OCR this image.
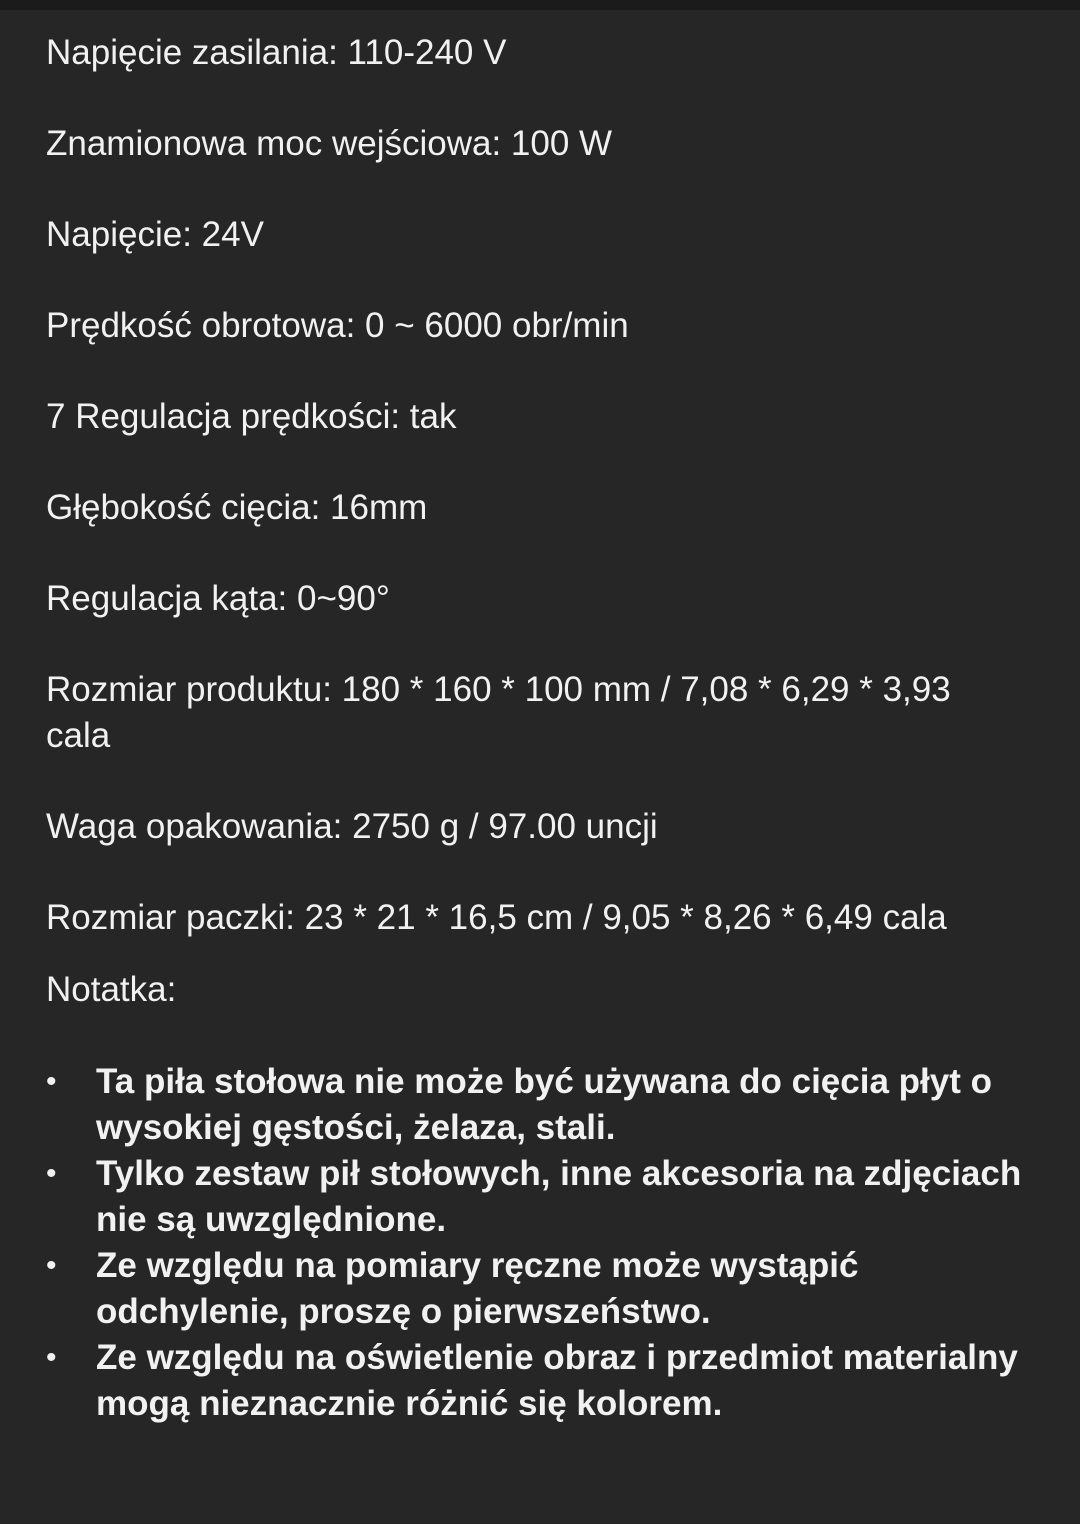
Napięcie zasilania: 110-240 V

Znamionowa moc wejściowa: 100 W

Napięcie: 24V

Prędkość obrotowa: 0 ~ 6000 obr/min

7 Regulacja prędkości: tak

Głębokość cięcia: 16mm

Regulacja kąta: 0~90°

Rozmiar produktu: 180 * 160 * 100 mm / 7,08 * 6,29 * 3,93 cala

Waga opakowania: 2750 g / 97.00 uncji

Rozmiar paczki: 23 * 21 * 16,5 cm / 9,05 * 8,26 * 6,49 cala

Notatka:

• Ta piła stołowa nie może być używana do cięcia płyt o wysokiej gęstości, żelaza, stali.
• Tylko zestaw pił stołowych, inne akcesoria na zdjęciach nie są uwzględnione.
• Ze względu na pomiary ręczne może wystąpić odchylenie, proszę o pierwszeństwo.
• Ze względu na oświetlenie obraz i przedmiot materialny mogą nieznacznie różnić się kolorem.
